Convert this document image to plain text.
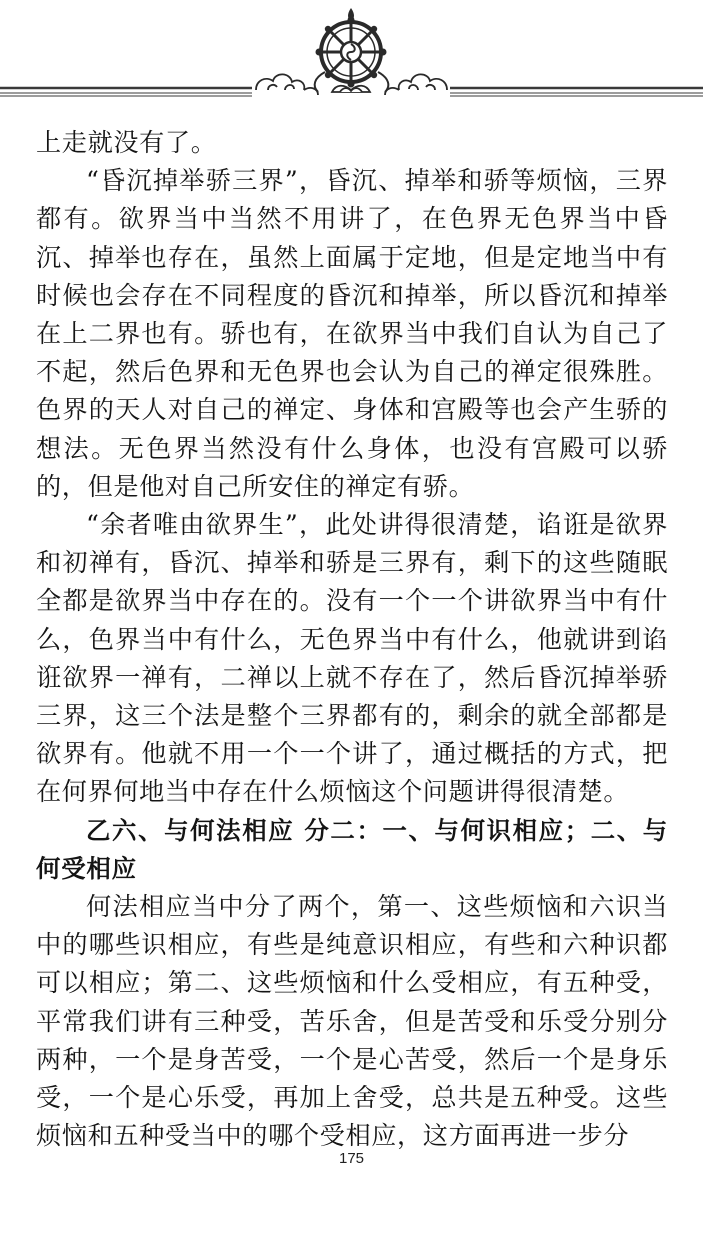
上走就没有了。

“昏沉掉举骄三界”，昏沉、掉举和骄等烦恼，三界都有。欲界当中当然不用讲了，在色界无色界当中昏沉、掉举也存在，虽然上面属于定地，但是定地当中有时候也会存在不同程度的昏沉和掉举，所以昏沉和掉举在上二界也有。骄也有，在欲界当中我们自认为自己了不起，然后色界和无色界也会认为自己的禅定很殊胜。色界的天人对自己的禅定、身体和宫殿等也会产生骄的想法。无色界当然没有什么身体，也没有宫殿可以骄的，但是他对自己所安住的禅定有骄。

“余者唯由欲界生”，此处讲得很清楚，谄诳是欲界和初禅有，昏沉、掉举和骄是三界有，剩下的这些随眠全都是欲界当中存在的。没有一个一个讲欲界当中有什么，色界当中有什么，无色界当中有什么，他就讲到谄诳欲界一禅有，二禅以上就不存在了，然后昏沉掉举骄三界，这三个法是整个三界都有的，剩余的就全部都是欲界有。他就不用一个一个讲了，通过概括的方式，把在何界何地当中存在什么烦恼这个问题讲得很清楚。

乙六、与何法相应 分二：一、与何识相应；二、与何受相应

何法相应当中分了两个，第一、这些烦恼和六识当中的哪些识相应，有些是纯意识相应，有些和六种识都可以相应；第二、这些烦恼和什么受相应，有五种受，平常我们讲有三种受，苦乐舍，但是苦受和乐受分别分两种，一个是身苦受，一个是心苦受，然后一个是身乐受，一个是心乐受，再加上舍受，总共是五种受。这些烦恼和五种受当中的哪个受相应，这方面再进一步分

175
